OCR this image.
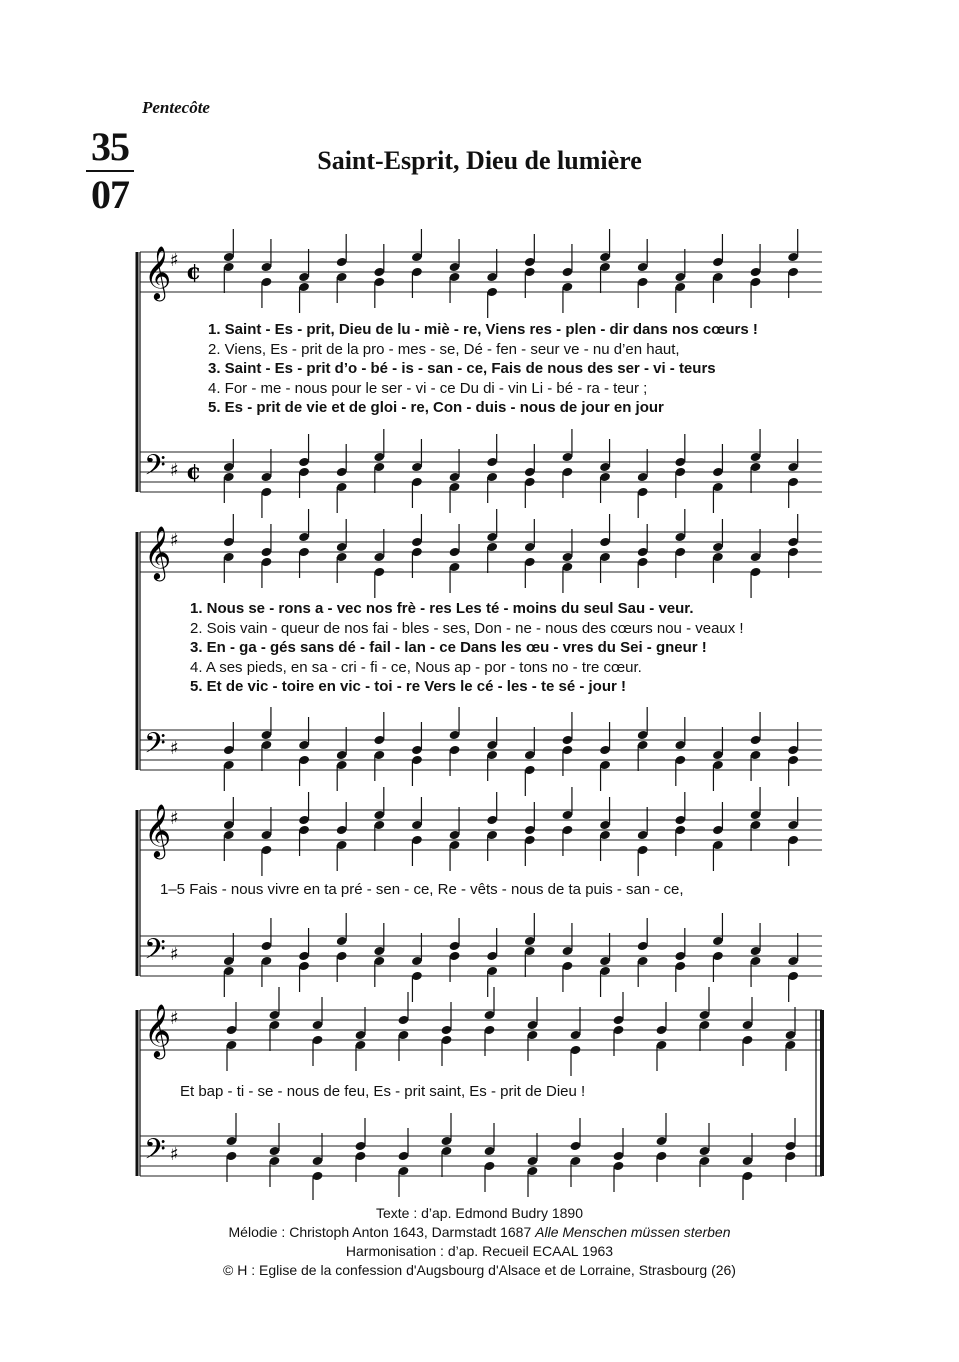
Pentecôte
35
07
Saint-Esprit, Dieu de lumière
𝄞
♯ ¢
𝄢 ♯ ¢
𝄞
♯
𝄢 ♯
𝄞
♯
𝄢 ♯
𝄞
♯
𝄢 ♯
1. Saint - Es - prit, Dieu de lu - miè - re, Viens res - plen - dir dans nos cœurs !
2. Viens, Es - prit de la pro - mes - se, Dé - fen - seur ve - nu d’en haut,
3. Saint - Es - prit d’o - bé - is - san - ce, Fais de nous des ser - vi - teurs
4. For - me - nous pour le ser - vi - ce Du di - vin Li - bé - ra - teur ;
5. Es - prit de vie et de gloi - re, Con - duis - nous de jour en jour
1. Nous se - rons a - vec nos frè - res Les té - moins du seul Sau - veur.
2. Sois vain - queur de nos fai - bles - ses, Don - ne - nous des cœurs nou - veaux !
3. En - ga - gés sans dé - fail - lan - ce Dans les œu - vres du Sei - gneur !
4. A ses pieds, en sa - cri - fi - ce, Nous ap - por - tons no - tre cœur.
5. Et de vic - toire en vic - toi - re Vers le cé - les - te sé - jour !
1–5 Fais - nous vivre en ta pré - sen - ce, Re - vêts - nous de ta puis - san - ce,
Et bap - ti - se - nous de feu, Es - prit saint, Es - prit de Dieu !
Texte : d’ap. Edmond Budry 1890
Mélodie : Christoph Anton 1643, Darmstadt 1687 Alle Menschen müssen sterben
Harmonisation : d’ap. Recueil ECAAL 1963
© H : Eglise de la confession d'Augsbourg d'Alsace et de Lorraine, Strasbourg (26)
